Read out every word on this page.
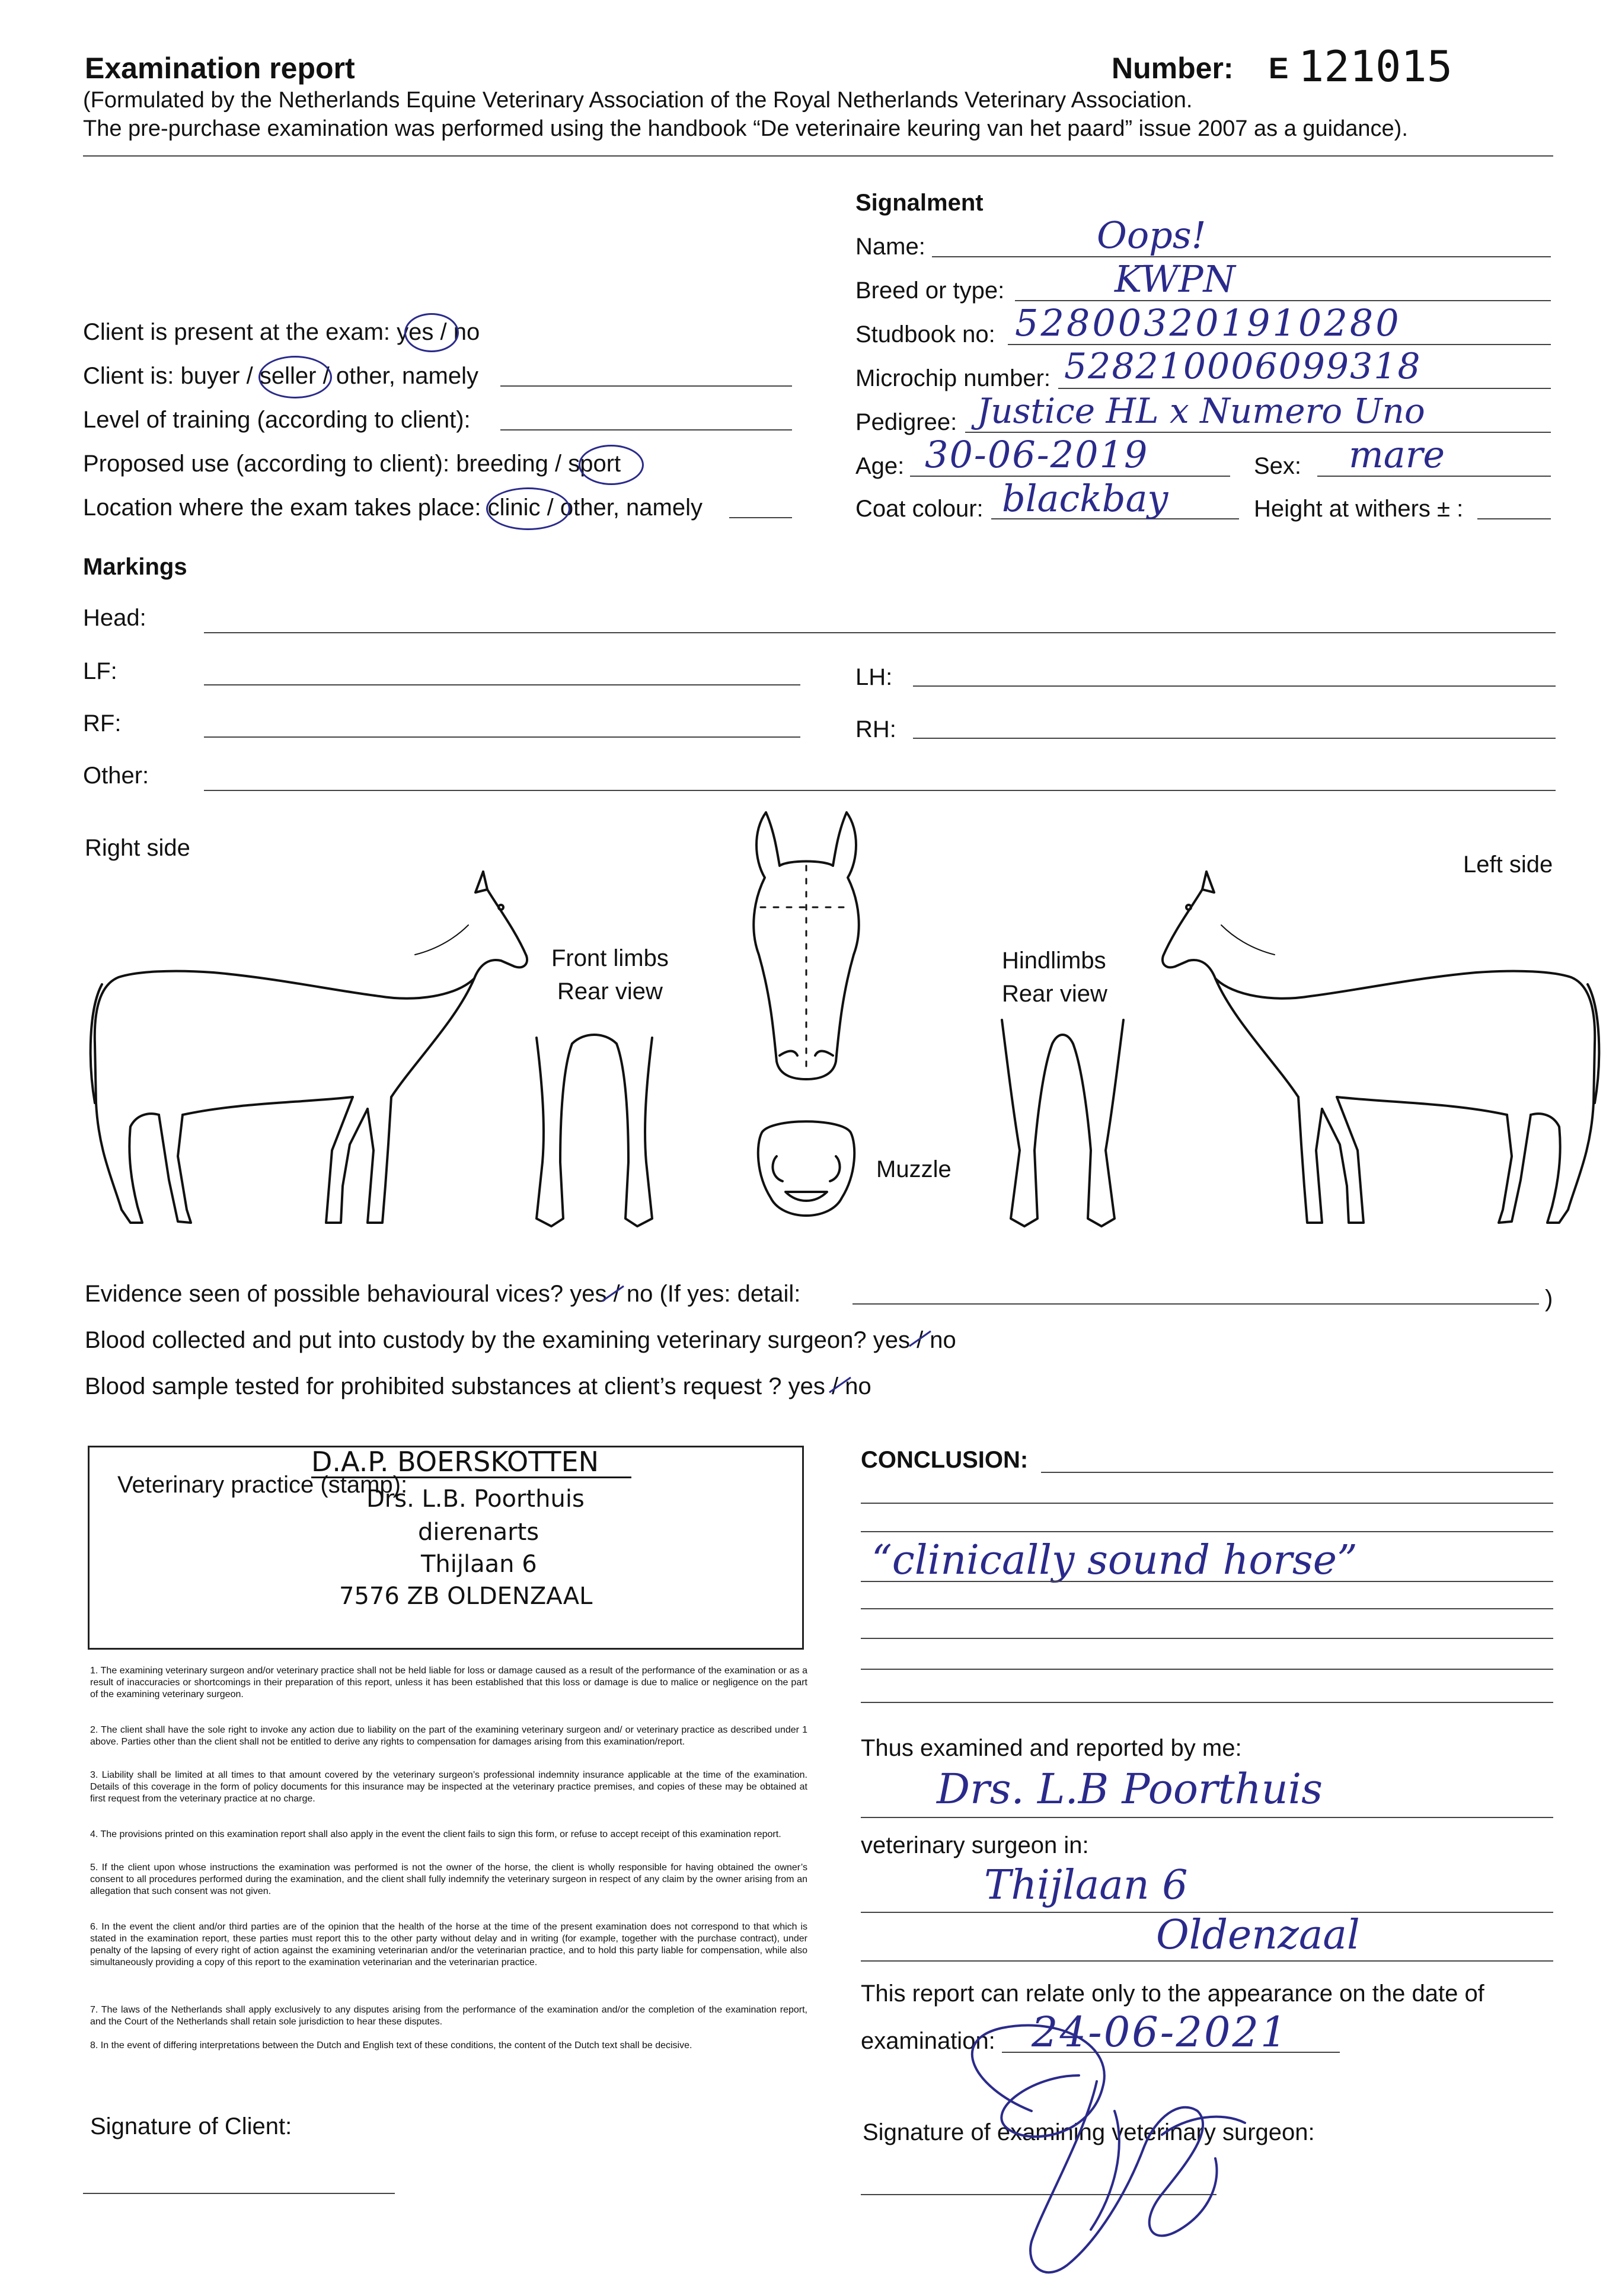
Examination report	Number: E 121015
(Formulated by the Netherlands Equine Veterinary Association of the Royal Netherlands Veterinary Association.
The pre-purchase examination was performed using the handbook “De veterinaire keuring van het paard” issue 2007 as a guidance).
Signalment
Name:	Oops!
Breed or type:	KWPN
Studbook no: 528003201910280
Microchip number: 528210006099318
Pedigree: Justice HL x Numero Uno
Age: 30-06-2019	Sex: mare
Coat colour: blackbay	Height at withers ± :
Client is present at the exam: yes / no
Client is: buyer / seller / other, namely
Level of training (according to client):
Proposed use (according to client): breeding / sport
Location where the exam takes place: clinic / other, namely
Markings
Head:
LF:	LH:
RF:	RH:
Other:
Right side
Left side
Front limbs
Rear view
Hindlimbs
Rear view
Muzzle
Evidence seen of possible behavioural vices? yes / no (If yes: detail:	)
Blood collected and put into custody by the examining veterinary surgeon? yes / no
Blood sample tested for prohibited substances at client’s request ? yes / no
Veterinary practice (stamp):
D.A.P. BOERSKOTTEN
Drs. L.B. Poorthuis
dierenarts
Thijlaan 6
7576 ZB OLDENZAAL
1. The examining veterinary surgeon and/or veterinary practice shall not be held liable for loss or damage caused as a result of the performance of the examination or as a result of inaccuracies or shortcomings in their preparation of this report, unless it has been established that this loss or damage is due to malice or negligence on the part of the examining veterinary surgeon.
2. The client shall have the sole right to invoke any action due to liability on the part of the examining veterinary surgeon and/ or veterinary practice as described under 1 above. Parties other than the client shall not be entitled to derive any rights to compensation for damages arising from this examination/report.
3. Liability shall be limited at all times to that amount covered by the veterinary surgeon’s professional indemnity insurance applicable at the time of the examination. Details of this coverage in the form of policy documents for this insurance may be inspected at the veterinary practice premises, and copies of these may be obtained at first request from the veterinary practice at no charge.
4. The provisions printed on this examination report shall also apply in the event the client fails to sign this form, or refuse to accept receipt of this examination report.
5. If the client upon whose instructions the examination was performed is not the owner of the horse, the client is wholly responsible for having obtained the owner’s consent to all procedures performed during the examination, and the client shall fully indemnify the veterinary surgeon in respect of any claim by the owner arising from an allegation that such consent was not given.
6. In the event the client and/or third parties are of the opinion that the health of the horse at the time of the present examination does not correspond to that which is stated in the examination report, these parties must report this to the other party without delay and in writing (for example, together with the purchase contract), under penalty of the lapsing of every right of action against the examining veterinarian and/or the veterinarian practice, and to hold this party liable for compensation, while also simultaneously providing a copy of this report to the examination veterinarian and the veterinarian practice.
7. The laws of the Netherlands shall apply exclusively to any disputes arising from the performance of the examination and/or the completion of the examination report, and the Court of the Netherlands shall retain sole jurisdiction to hear these disputes.
8. In the event of differing interpretations between the Dutch and English text of these conditions, the content of the Dutch text shall be decisive.
CONCLUSION:
“clinically sound horse”
Thus examined and reported by me:
Drs. L.B Poorthuis
veterinary surgeon in:
Thijlaan 6
Oldenzaal
This report can relate only to the appearance on the date of
examination: 24-06-2021
Signature of examining veterinary surgeon:
Signature of Client:
